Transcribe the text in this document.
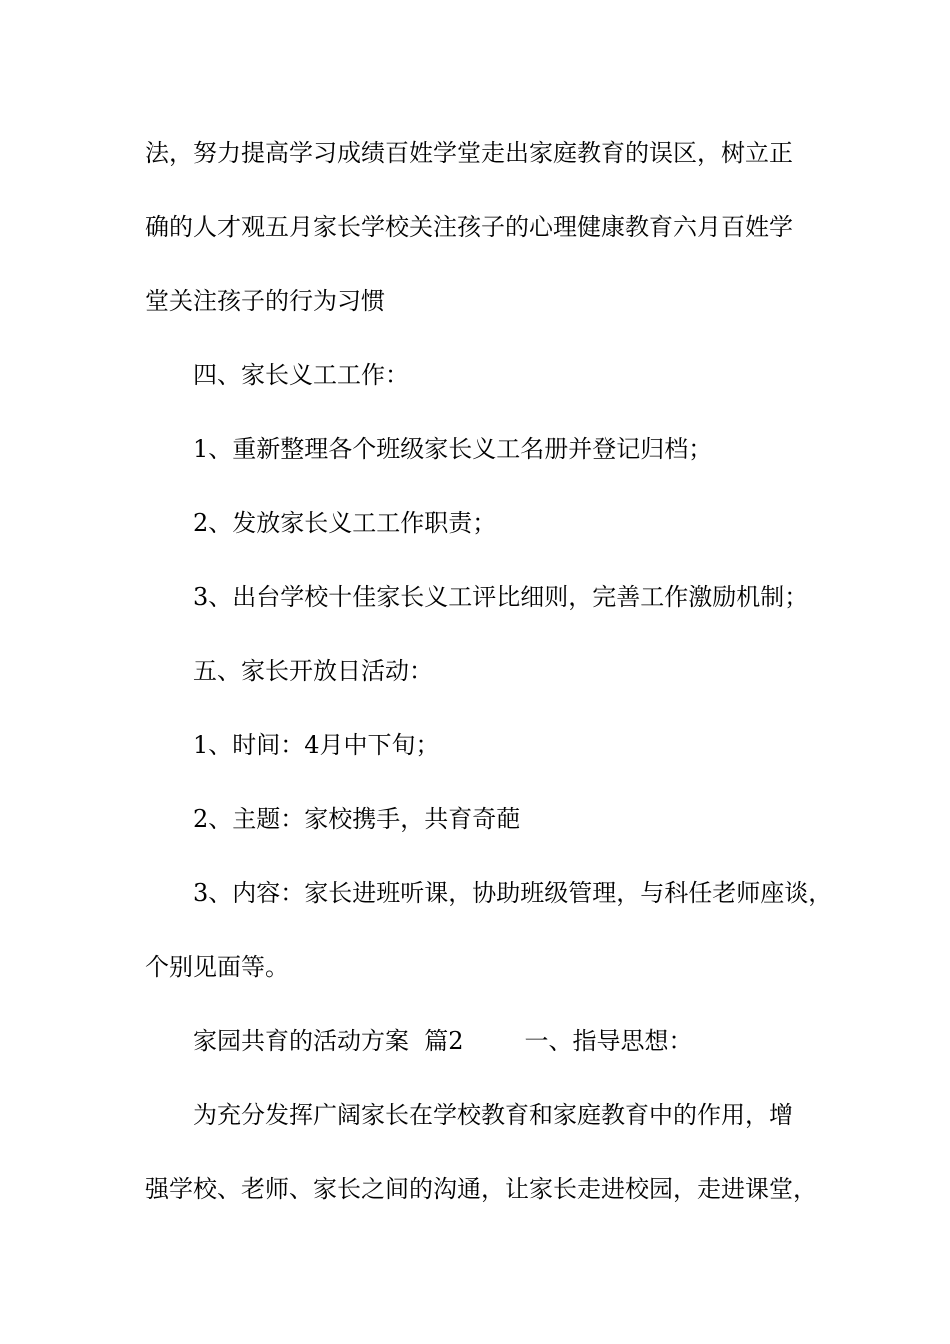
法，努力提高学习成绩百姓学堂走出家庭教育的误区，树立正
确的人才观五月家长学校关注孩子的心理健康教育六月百姓学
堂关注孩子的行为习惯
四、家长义工工作：
1、重新整理各个班级家长义工名册并登记归档；
2、发放家长义工工作职责；
3、出台学校十佳家长义工评比细则，完善工作激励机制；
五、家长开放日活动：
1、时间：4月中下旬；
2、主题：家校携手，共育奇葩
3、内容：家长进班听课，协助班级管理，与科任老师座谈，
个别见面等。
家园共育的活动方案  篇2        一、指导思想：
为充分发挥广阔家长在学校教育和家庭教育中的作用，增
强学校、老师、家长之间的沟通，让家长走进校园，走进课堂，
